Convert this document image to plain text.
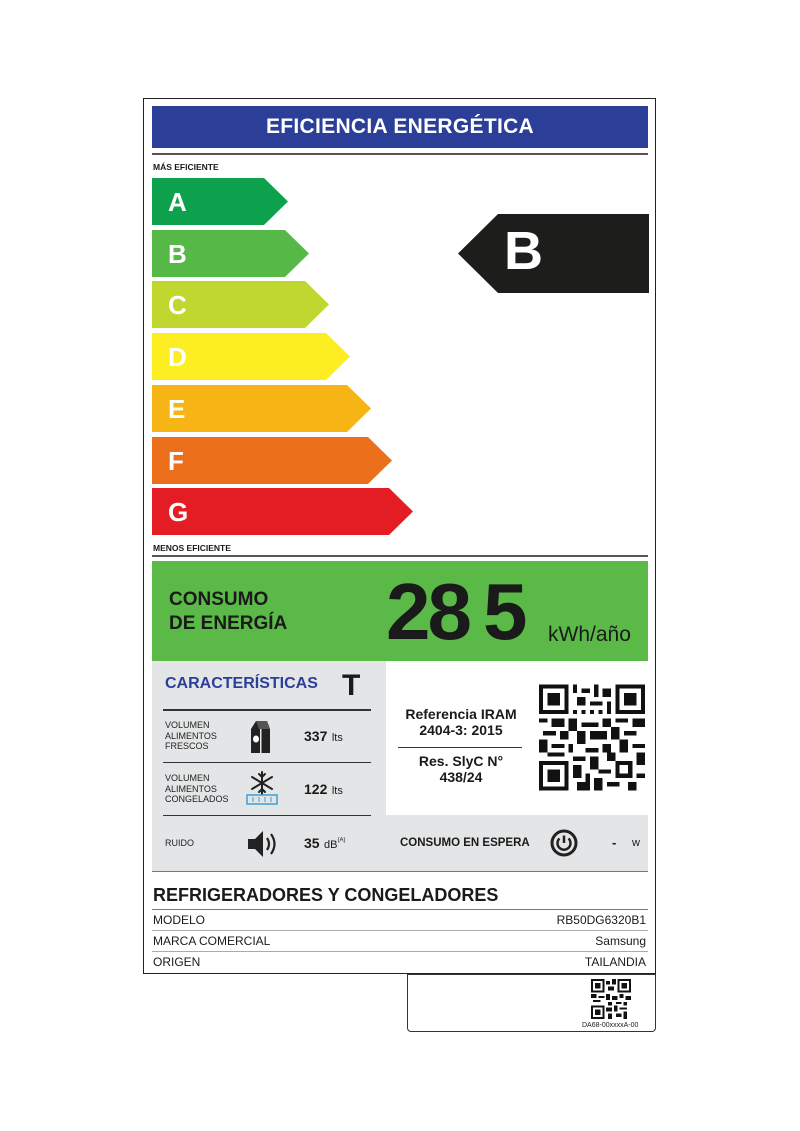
EFICIENCIA ENERGÉTICA
MÁS EFICIENTE
A
B
C
D
E
F
G
B
MENOS EFICIENTE
CONSUMO
DE ENERGÍA 28 5 kWh/año
CARACTERÍSTICAS T
VOLUMEN
ALIMENTOS
FRESCOS
337 lts
VOLUMEN
ALIMENTOS
CONGELADOS
122 lts
RUIDO	35 $dB^{(A)}$
Referencia IRAM
2404-3: 2015
Res. SlyC N°
438/24
CONSUMO EN ESPERA	- w
REFRIGERADORES Y CONGELADORES
MODELO	RB50DG6320B1
MARCA COMERCIAL	Samsung
ORIGEN	TAILANDIA
DA68-00xxxxA-00
